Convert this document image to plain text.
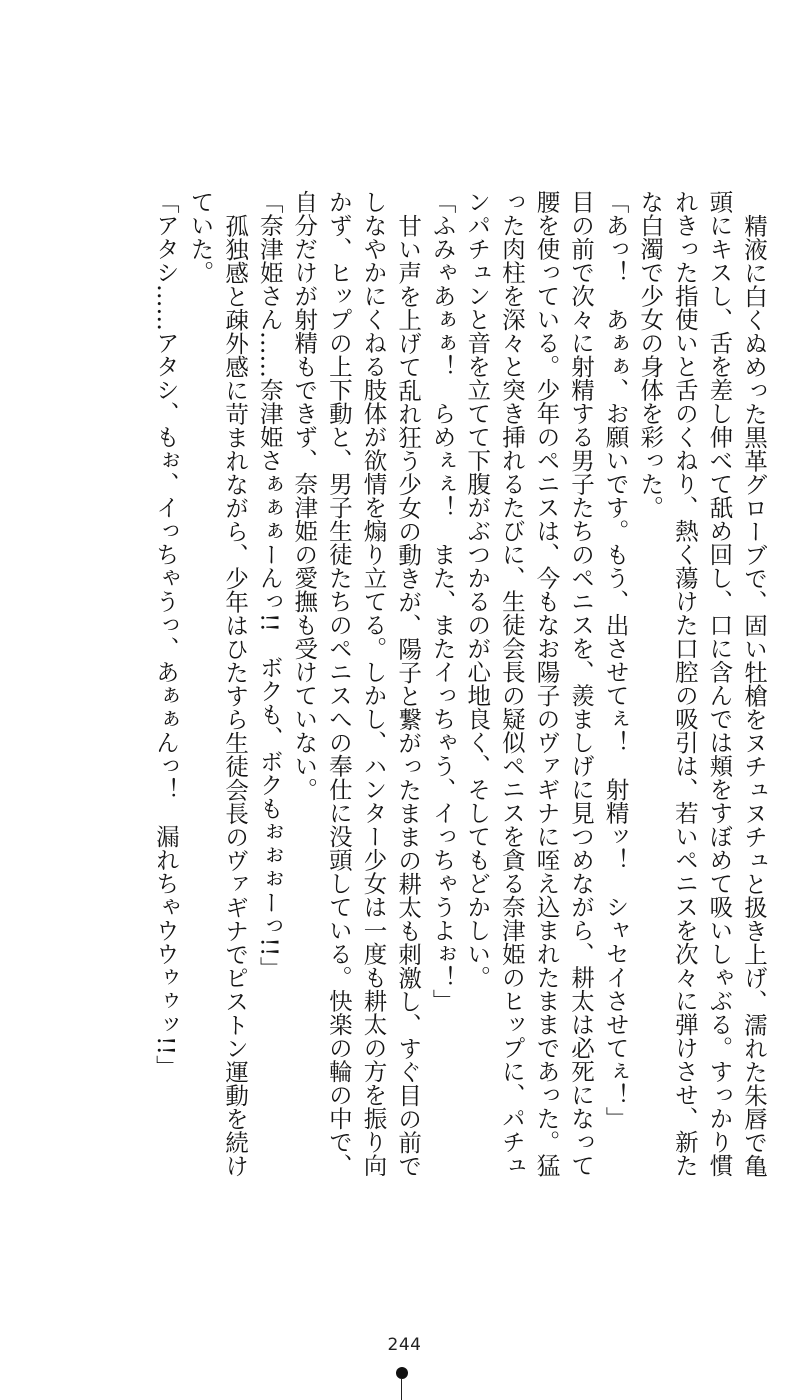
精液に白くぬめった黒革グローブで、固い牡槍をヌチュヌチュと扱き上げ、濡れた朱唇で亀頭にキスし、舌を差し伸べて舐め回し、口に含んでは頬をすぼめて吸いしゃぶる。すっかり慣れきった指使いと舌のくねり、熱く蕩けた口腔の吸引は、若いペニスを次々に弾けさせ、新たな白濁で少女の身体を彩った。

「あっ！　あぁぁ、お願いです。もう、出させてぇ！　射精ッ！　シャセイさせてぇ！」

目の前で次々に射精する男子たちのペニスを、羨ましげに見つめながら、耕太は必死になって腰を使っている。少年のペニスは、今もなお陽子のヴァギナに咥え込まれたままであった。猛った肉柱を深々と突き挿れるたびに、生徒会長の疑似ペニスを貪る奈津姫のヒップに、パチュンパチュンと音を立てて下腹がぶつかるのが心地良く、そしてもどかしい。

「ふみゃあぁぁ！　らめぇぇ！　また、またイっちゃう、イっちゃうよぉ！」

甘い声を上げて乱れ狂う少女の動きが、陽子と繋がったままの耕太も刺激し、すぐ目の前でしなやかにくねる肢体が欲情を煽り立てる。しかし、ハンター少女は一度も耕太の方を振り向かず、ヒップの上下動と、男子生徒たちのペニスへの奉仕に没頭している。快楽の輪の中で、自分だけが射精もできず、奈津姫の愛撫も受けていない。

「奈津姫さん……奈津姫さぁぁぁーんっ!!　ボクも、ボクもぉぉぉーっ!!」

孤独感と疎外感に苛まれながら、少年はひたすら生徒会長のヴァギナでピストン運動を続けていた。

「アタシ……アタシ、もぉ、イっちゃうっ、あぁぁんっ！　漏れちゃウウゥゥッ!!」

244
